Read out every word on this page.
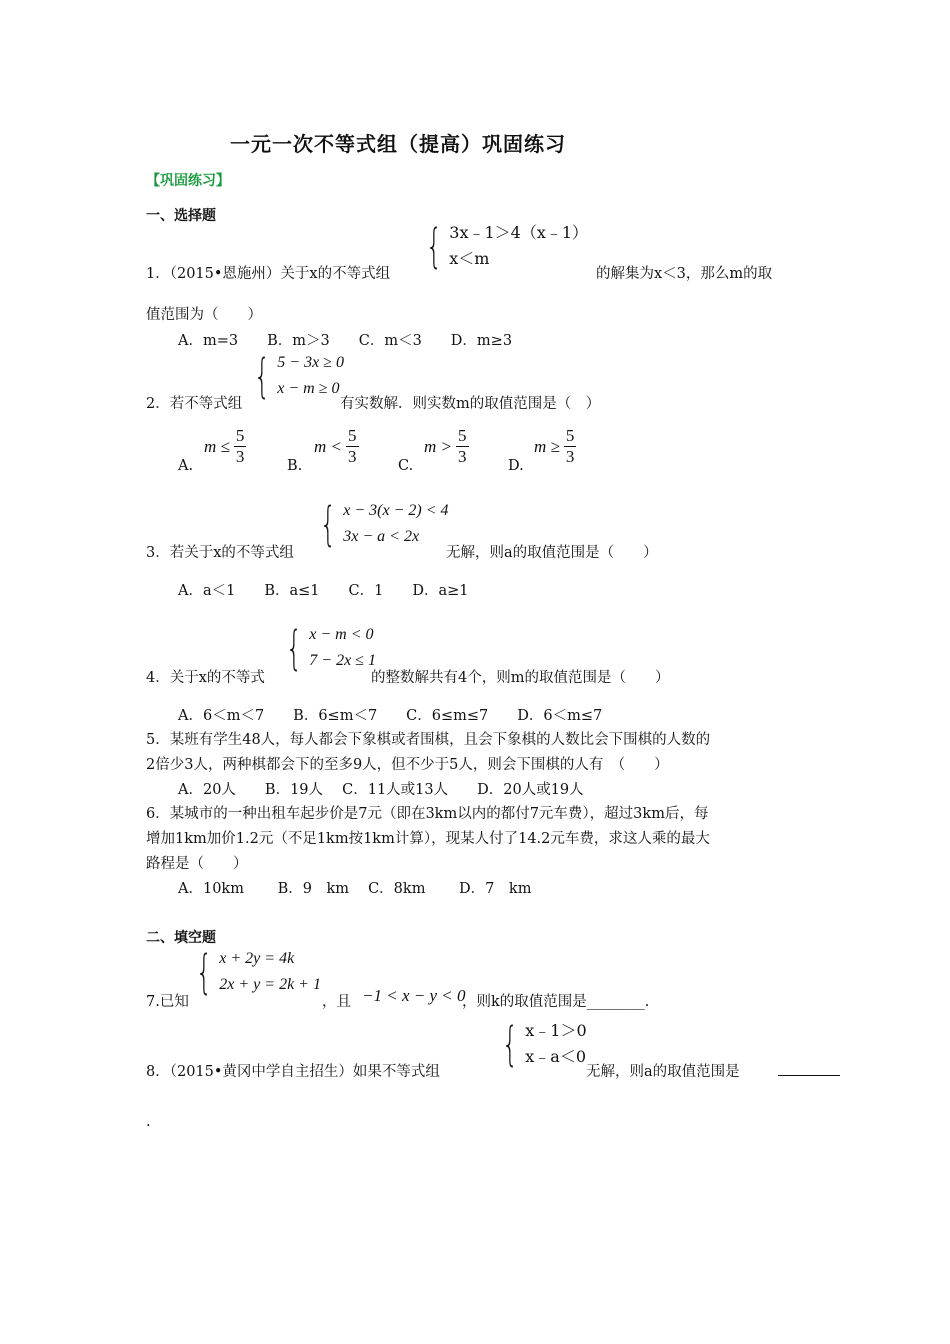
一元一次不等式组（提高）巩固练习
【巩固练习】
一、选择题
1．（2015•恩施州）关于x的不等式组
{ 3x﹣1＞4（x﹣1）
x＜m
的解集为x＜3，那么m的取
值范围为（　　）
A．m=3　　B．m＞3　　C．m＜3　　D．m≥3
2．若不等式组
{ 5 − 3x ≥ 0
x − m ≥ 0
有实数解．则实数m的取值范围是（　）
A.
$m \le \frac{5}{3}$	B.
$m < \frac{5}{3}$	C.
$m > \frac{5}{3}$	D.
$m \ge \frac{5}{3}$
3．若关于x的不等式组
{ x − 3(x − 2) < 4
3x − a < 2x
无解，则a的取值范围是（　　）
A．a＜1　　B．a≤1　　C．1　　D．a≥1
4．关于x的不等式
{ x − m < 0
7 − 2x ≤ 1
的整数解共有4个，则m的取值范围是（　　）
A．6＜m＜7　　B．6≤m＜7　　C．6≤m≤7　　D．6＜m≤7
5．某班有学生48人，每人都会下象棋或者围棋，且会下象棋的人数比会下围棋的人数的
2倍少3人，两种棋都会下的至多9人，但不少于5人，则会下围棋的人有　（　　）
A．20人　　B．19人　 C．11人或13人　　D．20人或19人
6．某城市的一种出租车起步价是7元（即在3km以内的都付7元车费），超过3km后，每
增加1km加价1.2元（不足1km按1km计算），现某人付了14.2元车费，求这人乘的最大
路程是（　　）
A．10km　　 B．9　km　 C．8km　　 D．7　km
二、填空题
7.已知
{ x + 2y = 4k
2x + y = 2k + 1
，且 −1 < x − y < 0
，则k的取值范围是________.
8．（2015•黄冈中学自主招生）如果不等式组
{ x﹣1＞0
x﹣a＜0
无解，则a的取值范围是
.
